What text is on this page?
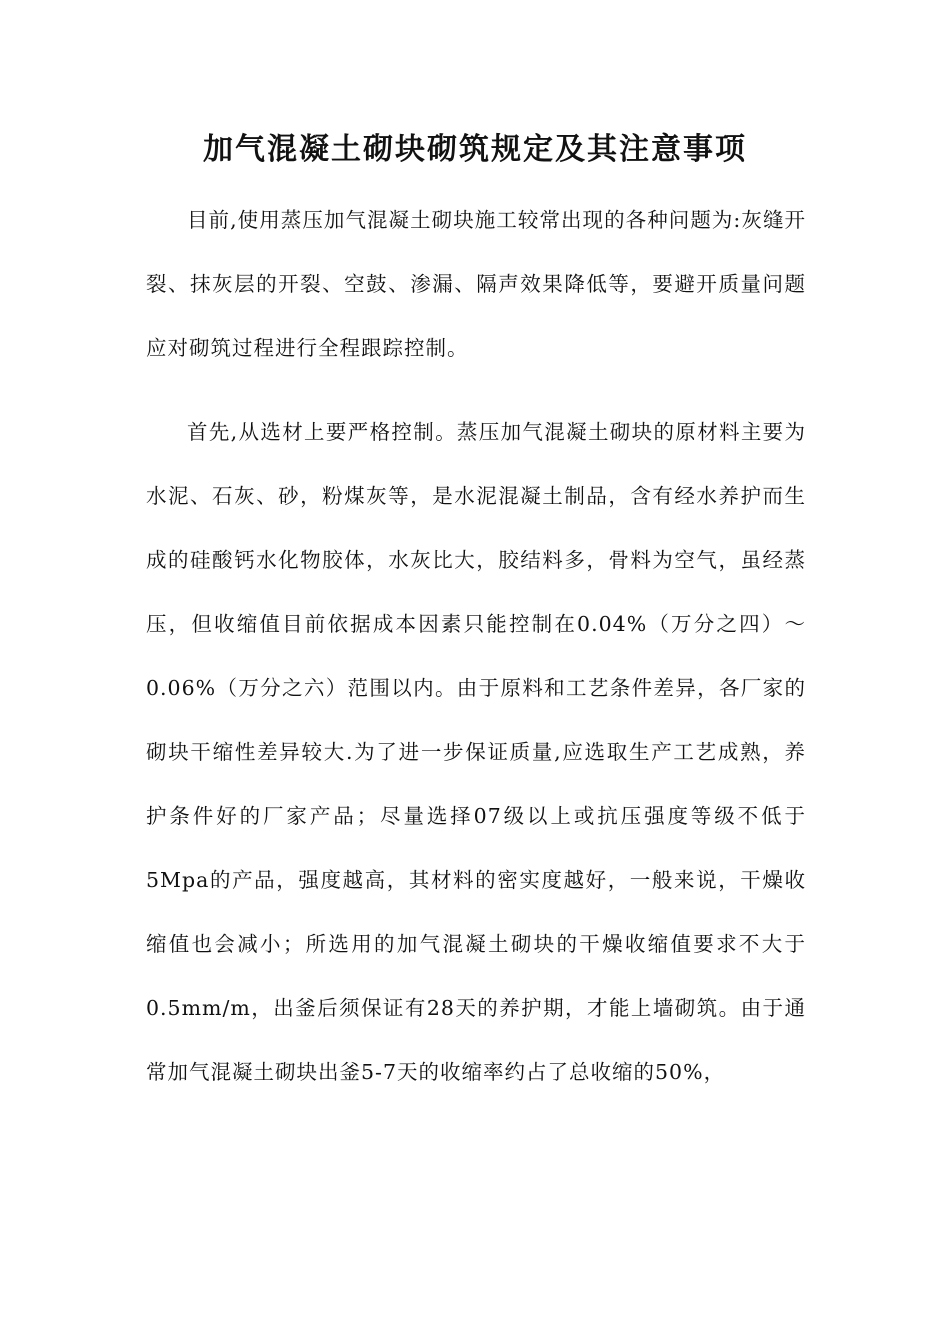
加气混凝土砌块砌筑规定及其注意事项

目前,使用蒸压加气混凝土砌块施工较常出现的各种问题为:灰缝开裂、抹灰层的开裂、空鼓、渗漏、隔声效果降低等，要避开质量问题应对砌筑过程进行全程跟踪控制。

首先,从选材上要严格控制。蒸压加气混凝土砌块的原材料主要为水泥、石灰、砂，粉煤灰等，是水泥混凝土制品，含有经水养护而生成的硅酸钙水化物胶体，水灰比大，胶结料多，骨料为空气，虽经蒸压，但收缩值目前依据成本因素只能控制在0.04%（万分之四）～0.06%（万分之六）范围以内。由于原料和工艺条件差异，各厂家的砌块干缩性差异较大.为了进一步保证质量,应选取生产工艺成熟，养护条件好的厂家产品；尽量选择07级以上或抗压强度等级不低于5Mpa的产品，强度越高，其材料的密实度越好，一般来说，干燥收缩值也会减小；所选用的加气混凝土砌块的干燥收缩值要求不大于0.5mm/m，出釜后须保证有28天的养护期，才能上墙砌筑。由于通常加气混凝土砌块出釜5-7天的收缩率约占了总收缩的50%，
